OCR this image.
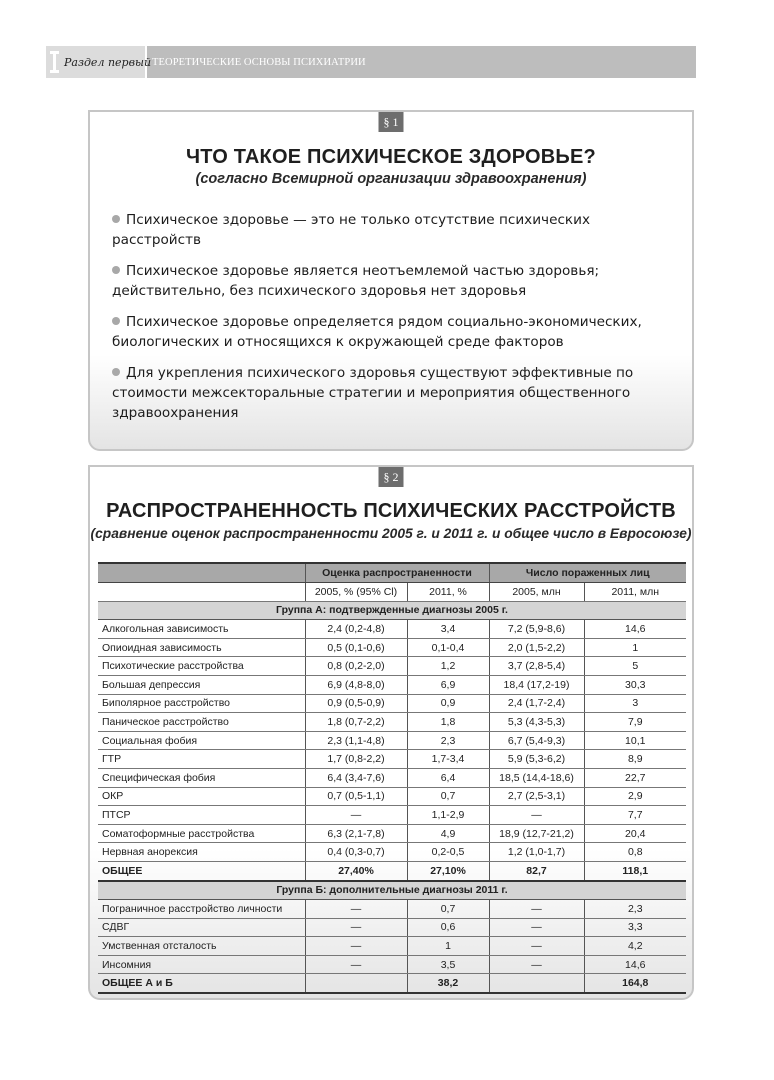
Раздел первый ТЕОРЕТИЧЕСКИЕ ОСНОВЫ ПСИХИАТРИИ
§ 1
ЧТО ТАКОЕ ПСИХИЧЕСКОЕ ЗДОРОВЬЕ?
(согласно Всемирной организации здравоохранения)
Психическое здоровье — это не только отсутствие психических расстройств
Психическое здоровье является неотъемлемой частью здоровья; действительно, без психического здоровья нет здоровья
Психическое здоровье определяется рядом социально-экономических, биологических и относящихся к окружающей среде факторов
Для укрепления психического здоровья существуют эффективные по стоимости межсекторальные стратегии и мероприятия общественного здравоохранения
§ 2
РАСПРОСТРАНЕННОСТЬ ПСИХИЧЕСКИХ РАССТРОЙСТВ
(сравнение оценок распространенности 2005 г. и 2011 г. и общее число в Евросоюзе)
	Оценка распространенности		Число пораженных лиц	
	2005, % (95% Cl)	2011, %	2005, млн	2011, млн
Группа А: подтвержденные диагнозы 2005 г.				
Алкогольная зависимость	2,4 (0,2-4,8)	3,4	7,2 (5,9-8,6)	14,6
Опиоидная зависимость	0,5 (0,1-0,6)	0,1-0,4	2,0 (1,5-2,2)	1
Психотические расстройства	0,8 (0,2-2,0)	1,2	3,7 (2,8-5,4)	5
Большая депрессия	6,9 (4,8-8,0)	6,9	18,4 (17,2-19)	30,3
Биполярное расстройство	0,9 (0,5-0,9)	0,9	2,4 (1,7-2,4)	3
Паническое расстройство	1,8 (0,7-2,2)	1,8	5,3 (4,3-5,3)	7,9
Социальная фобия	2,3 (1,1-4,8)	2,3	6,7 (5,4-9,3)	10,1
ГТР	1,7 (0,8-2,2)	1,7-3,4	5,9 (5,3-6,2)	8,9
Специфическая фобия	6,4 (3,4-7,6)	6,4	18,5 (14,4-18,6)	22,7
ОКР	0,7 (0,5-1,1)	0,7	2,7 (2,5-3,1)	2,9
ПТСР	—	1,1-2,9	—	7,7
Соматоформные расстройства	6,3 (2,1-7,8)	4,9	18,9 (12,7-21,2)	20,4
Нервная анорексия	0,4 (0,3-0,7)	0,2-0,5	1,2 (1,0-1,7)	0,8
ОБЩЕЕ	27,40%	27,10%	82,7	118,1
Группа Б: дополнительные диагнозы 2011 г.				
Пограничное расстройство личности	—	0,7	—	2,3
СДВГ	—	0,6	—	3,3
Умственная отсталость	—	1	—	4,2
Инсомния	—	3,5	—	14,6
ОБЩЕЕ А и Б		38,2		164,8
